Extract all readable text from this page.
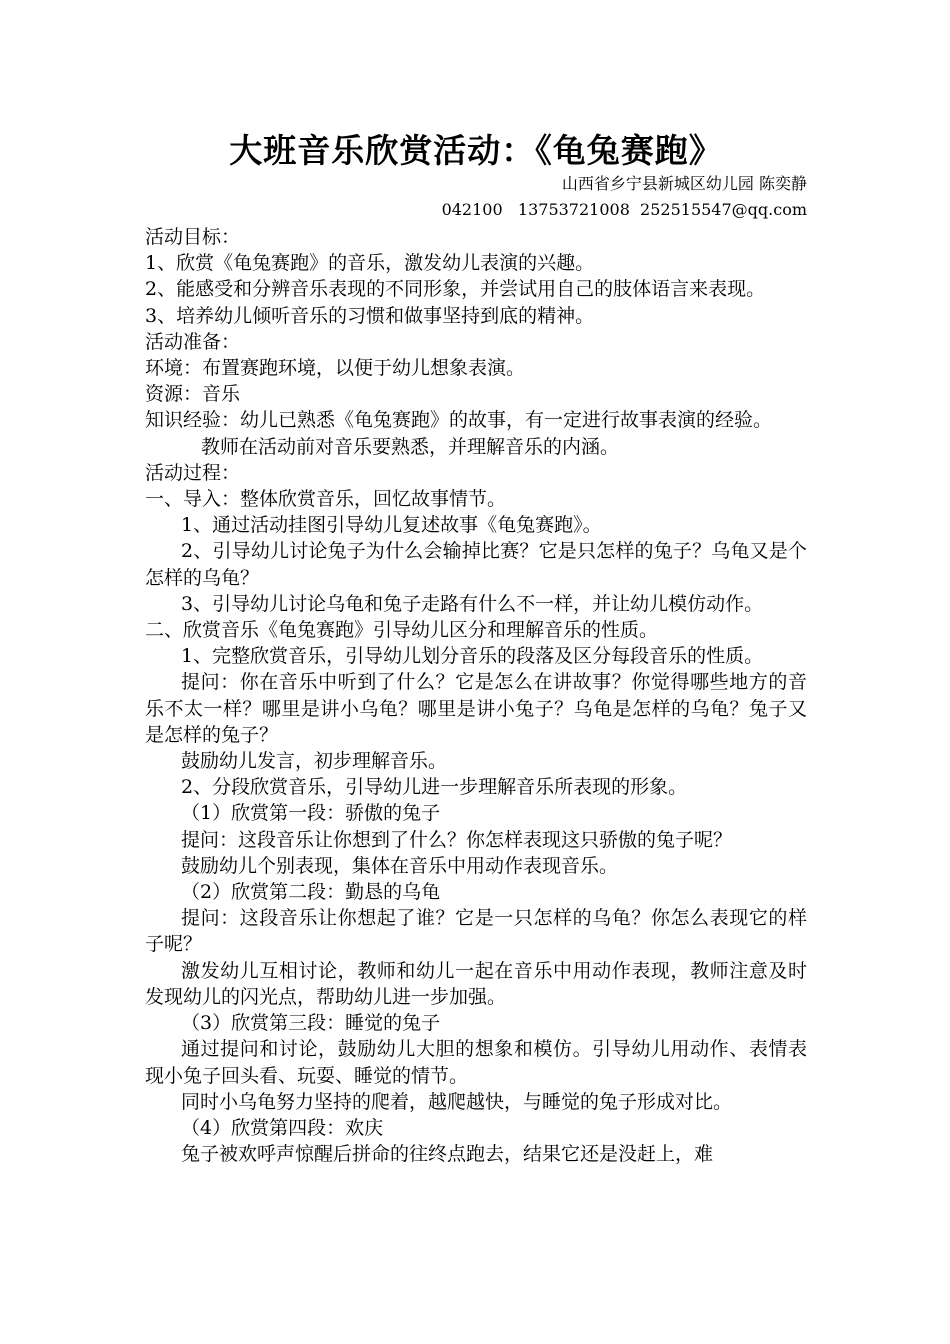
大班音乐欣赏活动：《龟兔赛跑》
山西省乡宁县新城区幼儿园 陈奕静
042100   13753721008  252515547@qq.com

活动目标：

1、欣赏《龟兔赛跑》的音乐，激发幼儿表演的兴趣。

2、能感受和分辨音乐表现的不同形象，并尝试用自己的肢体语言来表现。

3、培养幼儿倾听音乐的习惯和做事坚持到底的精神。

活动准备：

环境：布置赛跑环境，以便于幼儿想象表演。

资源：音乐

知识经验：幼儿已熟悉《龟兔赛跑》的故事，有一定进行故事表演的经验。

教师在活动前对音乐要熟悉，并理解音乐的内涵。

活动过程：

一、导入：整体欣赏音乐，回忆故事情节。

1、通过活动挂图引导幼儿复述故事《龟兔赛跑》。

2、引导幼儿讨论兔子为什么会输掉比赛？它是只怎样的兔子？乌龟又是个怎样的乌龟？

3、引导幼儿讨论乌龟和兔子走路有什么不一样，并让幼儿模仿动作。

二、欣赏音乐《龟兔赛跑》引导幼儿区分和理解音乐的性质。

1、完整欣赏音乐，引导幼儿划分音乐的段落及区分每段音乐的性质。

提问：你在音乐中听到了什么？它是怎么在讲故事？你觉得哪些地方的音乐不太一样？哪里是讲小乌龟？哪里是讲小兔子？乌龟是怎样的乌龟？兔子又是怎样的兔子？

鼓励幼儿发言，初步理解音乐。

2、分段欣赏音乐，引导幼儿进一步理解音乐所表现的形象。

（1）欣赏第一段：骄傲的兔子

提问：这段音乐让你想到了什么？你怎样表现这只骄傲的兔子呢？

鼓励幼儿个别表现，集体在音乐中用动作表现音乐。

（2）欣赏第二段：勤恳的乌龟

提问：这段音乐让你想起了谁？它是一只怎样的乌龟？你怎么表现它的样子呢？

激发幼儿互相讨论，教师和幼儿一起在音乐中用动作表现，教师注意及时发现幼儿的闪光点，帮助幼儿进一步加强。

（3）欣赏第三段：睡觉的兔子

通过提问和讨论，鼓励幼儿大胆的想象和模仿。引导幼儿用动作、表情表现小兔子回头看、玩耍、睡觉的情节。

同时小乌龟努力坚持的爬着，越爬越快，与睡觉的兔子形成对比。

（4）欣赏第四段：欢庆

兔子被欢呼声惊醒后拼命的往终点跑去，结果它还是没赶上，难
